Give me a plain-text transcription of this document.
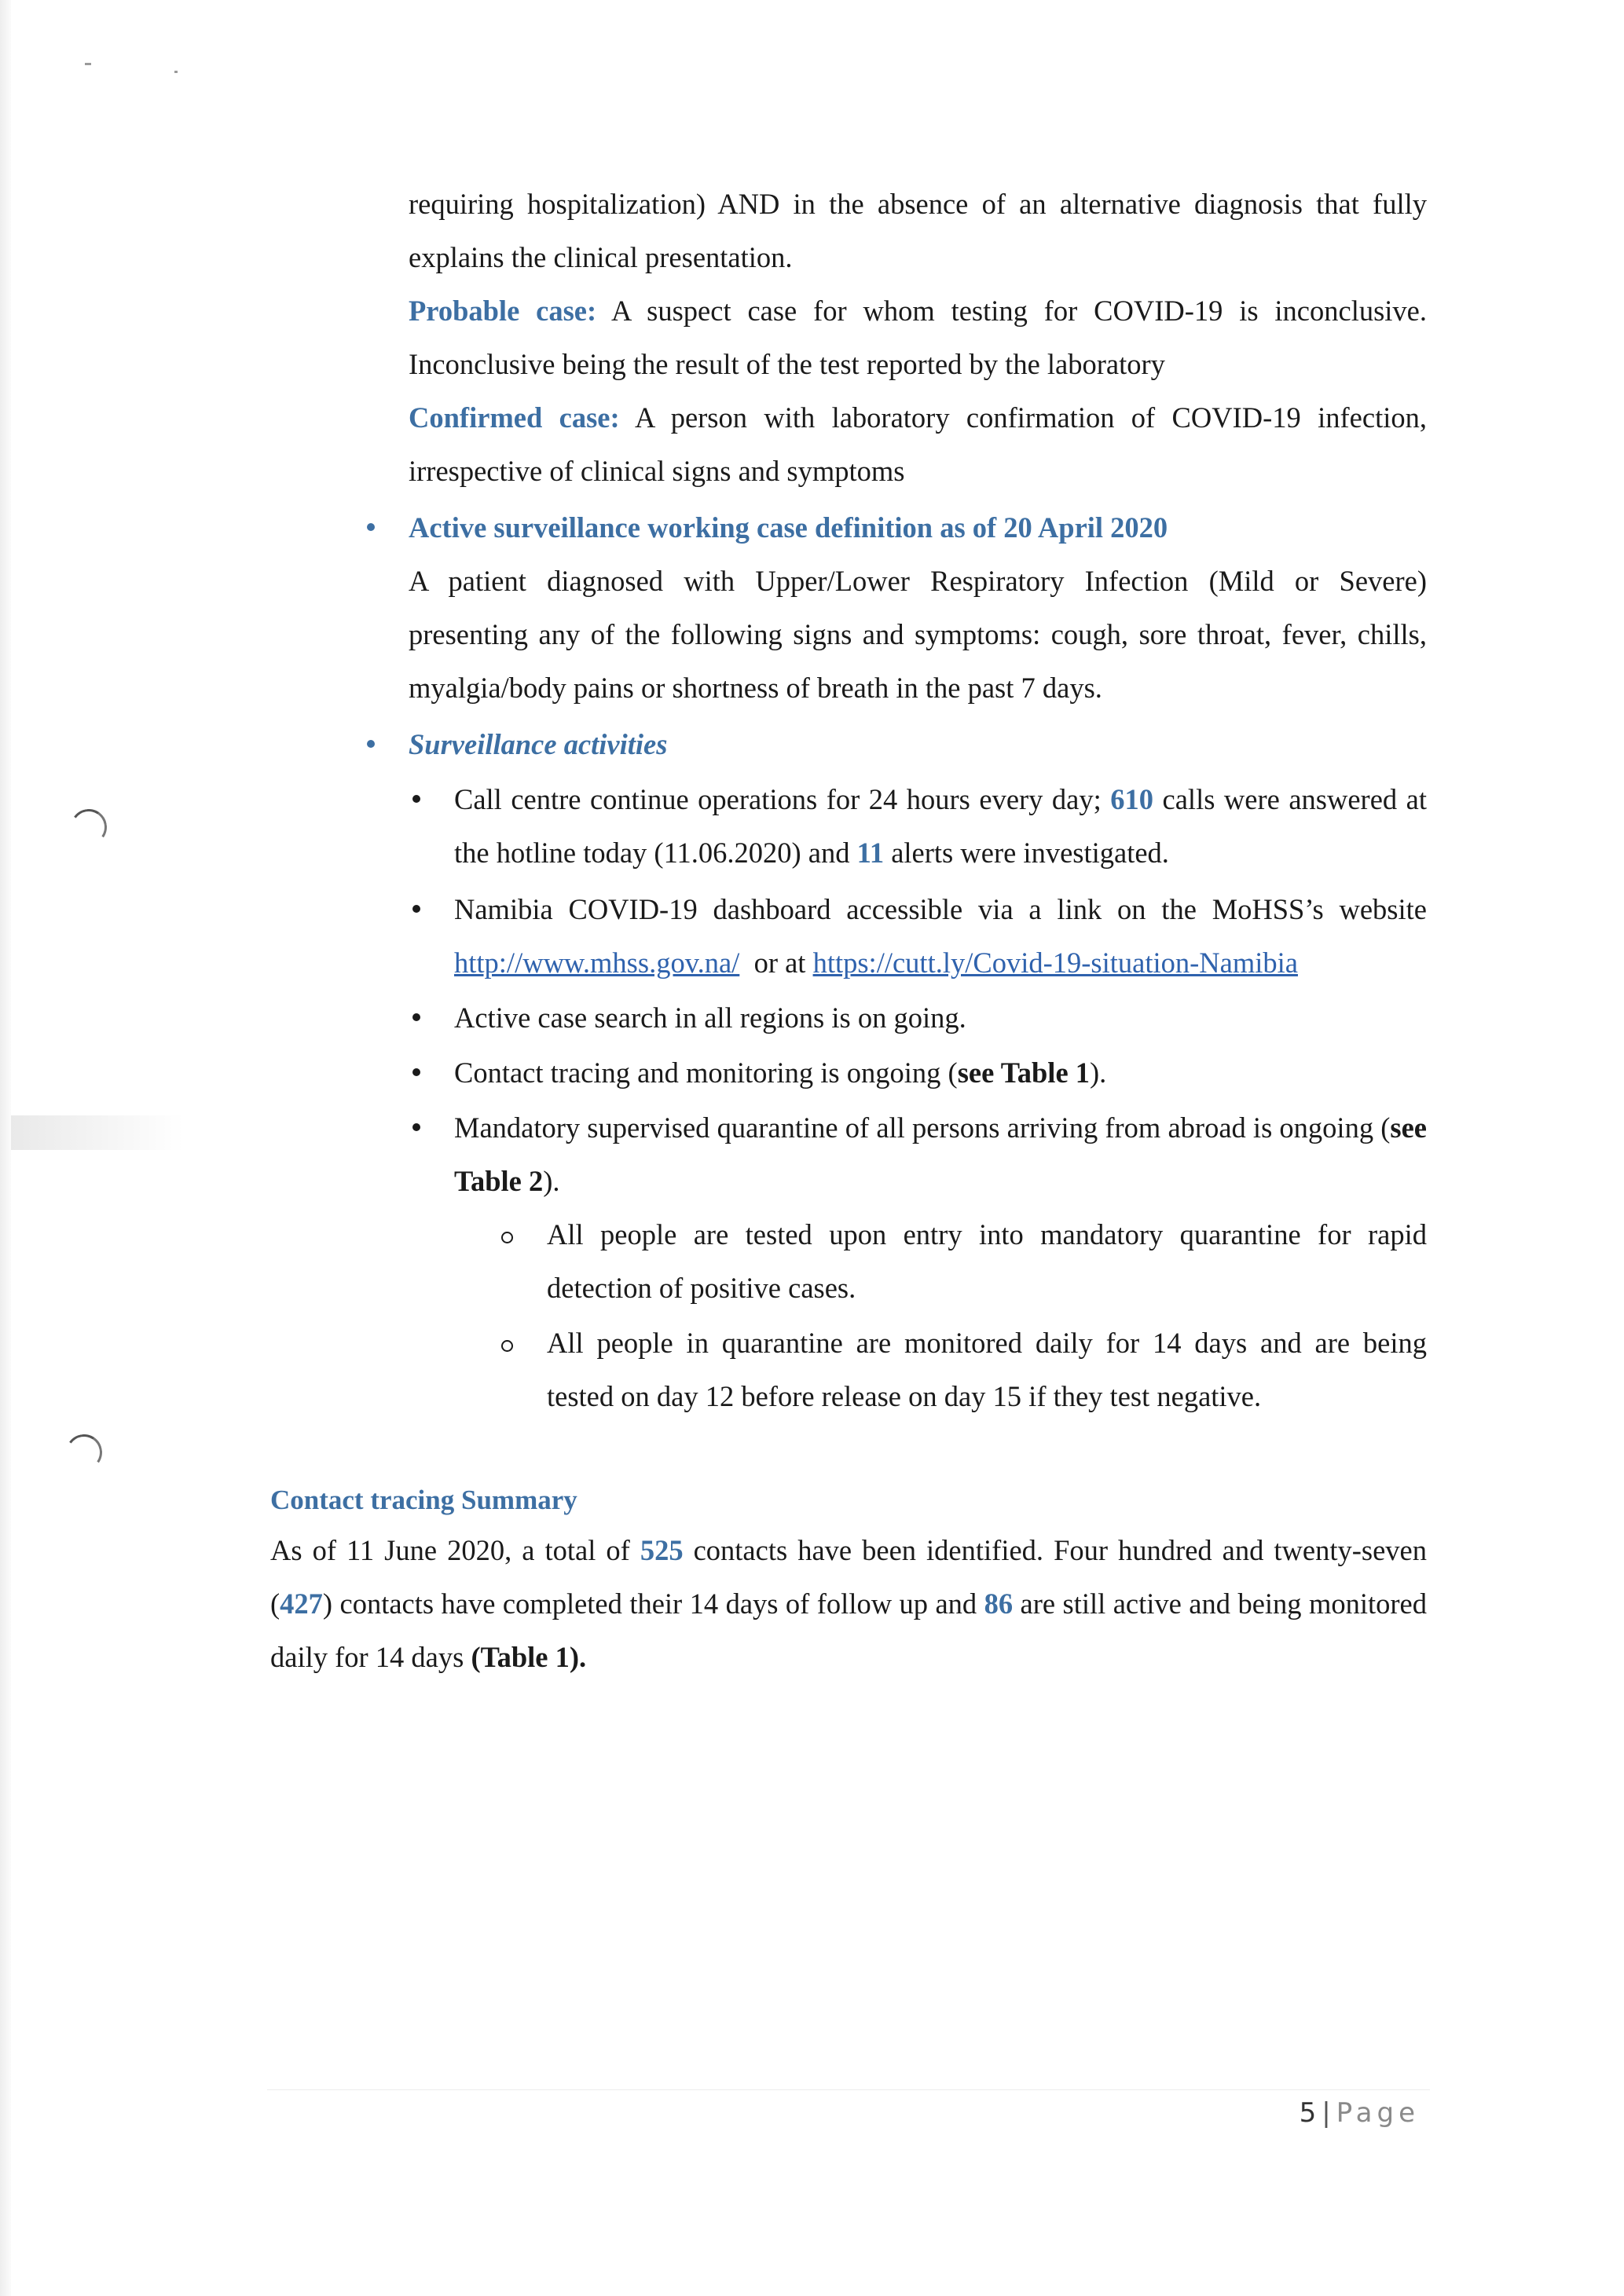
requiring hospitalization) AND in the absence of an alternative diagnosis that fully

explains the clinical presentation.

Probable case: A suspect case for whom testing for COVID-19 is inconclusive. Inconclusive being the result of the test reported by the laboratory

Confirmed case: A person with laboratory confirmation of COVID-19 infection, irrespective of clinical signs and symptoms

Active surveillance working case definition as of 20 April 2020

A patient diagnosed with Upper/Lower Respiratory Infection (Mild or Severe) presenting any of the following signs and symptoms: cough, sore throat, fever, chills, myalgia/body pains or shortness of breath in the past 7 days.

Surveillance activities

Call centre continue operations for 24 hours every day; 610 calls were answered at the hotline today (11.06.2020) and 11 alerts were investigated.

Namibia COVID-19 dashboard accessible via a link on the MoHSS’s website http://www.mhss.gov.na/  or at https://cutt.ly/Covid-19-situation-Namibia

Active case search in all regions is on going.

Contact tracing and monitoring is ongoing (see Table 1).

Mandatory supervised quarantine of all persons arriving from abroad is ongoing (see Table 2).

All people are tested upon entry into mandatory quarantine for rapid detection of positive cases.

All people in quarantine are monitored daily for 14 days and are being tested on day 12 before release on day 15 if they test negative.

Contact tracing Summary

As of 11 June 2020, a total of 525 contacts have been identified. Four hundred and twenty-seven (427) contacts have completed their 14 days of follow up and 86 are still active and being monitored daily for 14 days (Table 1).

5 | Page
